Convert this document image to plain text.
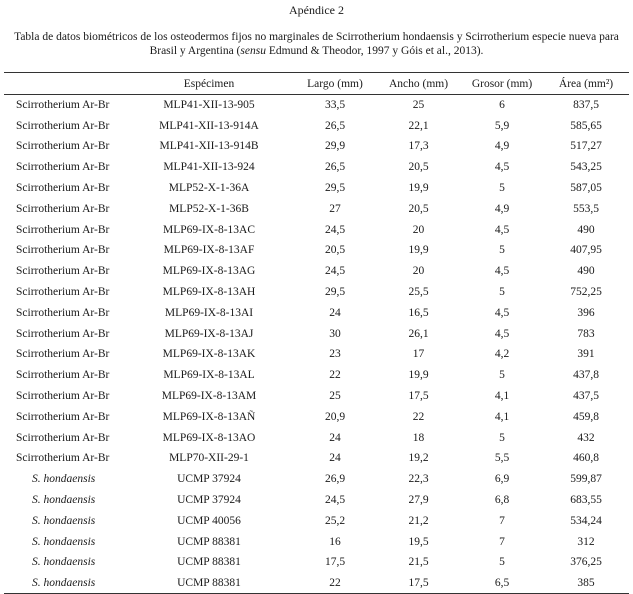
Apéndice 2
Tabla de datos biométricos de los osteodermos fijos no marginales de Scirrotherium hondaensis y Scirrotherium especie nueva para Brasil y Argentina (sensu Edmund & Theodor, 1997 y Góis et al., 2013).
	Espécimen	Largo (mm)	Ancho (mm)	Grosor (mm)	Área (mm²)
Scirrotherium Ar-Br	MLP41-XII-13-905	33,5	25	6	837,5
Scirrotherium Ar-Br	MLP41-XII-13-914A	26,5	22,1	5,9	585,65
Scirrotherium Ar-Br	MLP41-XII-13-914B	29,9	17,3	4,9	517,27
Scirrotherium Ar-Br	MLP41-XII-13-924	26,5	20,5	4,5	543,25
Scirrotherium Ar-Br	MLP52-X-1-36A	29,5	19,9	5	587,05
Scirrotherium Ar-Br	MLP52-X-1-36B	27	20,5	4,9	553,5
Scirrotherium Ar-Br	MLP69-IX-8-13AC	24,5	20	4,5	490
Scirrotherium Ar-Br	MLP69-IX-8-13AF	20,5	19,9	5	407,95
Scirrotherium Ar-Br	MLP69-IX-8-13AG	24,5	20	4,5	490
Scirrotherium Ar-Br	MLP69-IX-8-13AH	29,5	25,5	5	752,25
Scirrotherium Ar-Br	MLP69-IX-8-13AI	24	16,5	4,5	396
Scirrotherium Ar-Br	MLP69-IX-8-13AJ	30	26,1	4,5	783
Scirrotherium Ar-Br	MLP69-IX-8-13AK	23	17	4,2	391
Scirrotherium Ar-Br	MLP69-IX-8-13AL	22	19,9	5	437,8
Scirrotherium Ar-Br	MLP69-IX-8-13AM	25	17,5	4,1	437,5
Scirrotherium Ar-Br	MLP69-IX-8-13AÑ	20,9	22	4,1	459,8
Scirrotherium Ar-Br	MLP69-IX-8-13AO	24	18	5	432
Scirrotherium Ar-Br	MLP70-XII-29-1	24	19,2	5,5	460,8
S. hondaensis	UCMP 37924	26,9	22,3	6,9	599,87
S. hondaensis	UCMP 37924	24,5	27,9	6,8	683,55
S. hondaensis	UCMP 40056	25,2	21,2	7	534,24
S. hondaensis	UCMP 88381	16	19,5	7	312
S. hondaensis	UCMP 88381	17,5	21,5	5	376,25
S. hondaensis	UCMP 88381	22	17,5	6,5	385
